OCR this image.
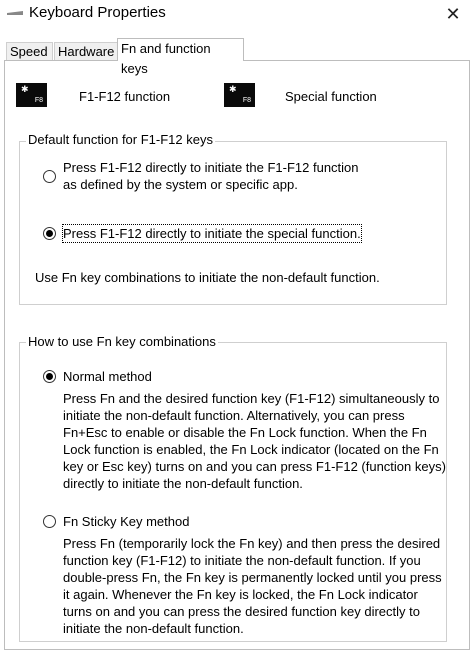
Keyboard Properties	✕
Speed Hardware Fn and function keys
✱
F8	F1-F12 function	✱
F8	Special function
Default function for F1-F12 keys
Press F1-F12 directly to initiate the F1-F12 function
as defined by the system or specific app.
Press F1-F12 directly to initiate the special function.
Use Fn key combinations to initiate the non-default function.
How to use Fn key combinations
Normal method
Press Fn and the desired function key (F1-F12) simultaneously to
initiate the non-default function. Alternatively, you can press
Fn+Esc to enable or disable the Fn Lock function. When the Fn
Lock function is enabled, the Fn Lock indicator (located on the Fn
key or Esc key) turns on and you can press F1-F12 (function keys)
directly to initiate the non-default function.
Fn Sticky Key method
Press Fn (temporarily lock the Fn key) and then press the desired
function key (F1-F12) to initiate the non-default function. If you
double-press Fn, the Fn key is permanently locked until you press
it again. Whenever the Fn key is locked, the Fn Lock indicator
turns on and you can press the desired function key directly to
initiate the non-default function.
